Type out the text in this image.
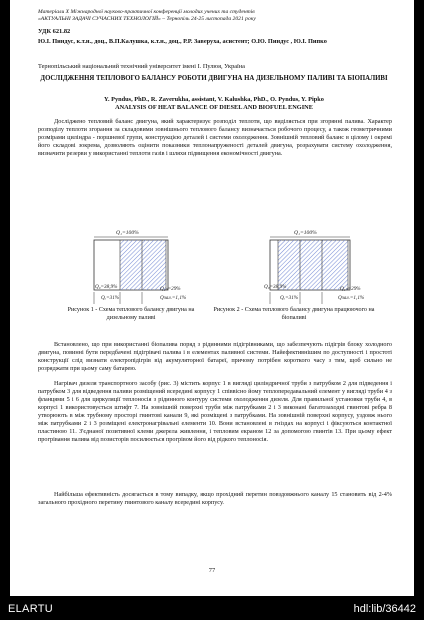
Матеріали X Міжнародної науково-практичної конференції молодих учених та студентів
«АКТУАЛЬНІ ЗАДАЧІ СУЧАСНИХ ТЕХНОЛОГІЙ» – Тернопіль 24-25 листопада 2021 року
УДК 621.82
Ю.І. Пиндус, к.т.н., доц., В.П.Калушка, к.т.н., доц., Р.Р. Заверуха, асистент; О.Ю. Пиндус , Ю.І. Пипко
Тернопільський національний технічний університет імені І. Пулюя, Україна
ДОСЛІДЖЕННЯ ТЕПЛОВОГО БАЛАНСУ РОБОТИ ДВИГУНА НА ДИЗЕЛЬНОМУ ПАЛИВІ ТА БІОПАЛИВІ
Y. Pyndus, PhD., R. Zaverukha, assistant, V. Kalushka, PhD., O. Pyndus, Y. Pipko
ANALYSIS OF HEAT BALANCE OF DIESEL AND BIOFUEL ENGINE

Досліджено тепловий баланс двигуна, який характеризує розподіл теплоти, що виділяється при згорянні палива. Характер розподілу теплоти згорання за складовими зовнішнього теплового балансу визначається робочого процесу, а також геометричними розмірами циліндра - поршневої групи, конструкцією деталей і системи охолодження. Зовнішній тепловий баланс в цілому і окремі його складові зокрема, дозволяють оцінити показники теплонапруженості деталей двигуна, розрахувати систему охолодження, визначити резерви у використанні теплоти газів і шляхи підвищення економічності двигуна.

Q₁=100%
Q₀=38,9%
Qₑ=31%
Q₁ₙ=29%
Qзал.=1,1%
Q₁=100%
Q₀=38,9%
Qₑ=31%
Q₁ₙ=29%
Qзал.=1,1%
Рисунок 1 - Схема теплового балансу двигуна на дизельному паливі
Рисунок 2 - Схема теплового балансу двигуна працюючого на біопаливі

Встановлено, що при використанні біопалива поряд з рідинними підігрівниками, що забезпечують підігрів блоку холодного двигуна, повинні бути передбачені підігрівачі палива і в елементах паливної системи. Найефективнішим по доступності і простоті конструкції слід визнати електропідігрів від акумуляторної батареї, причому потрібен короткого часу з тим, щоб сильно не розряджати при цьому саму батарею.

Нагрівач дизеля транспортного засобу (рис. 3) містить корпус 1 в вигляді циліндричної труби з патрубком 2 для підведення і патрубком 3 для відведення паливи розміщений всередині корпусу 1 співвісно йому теплопередавальний елемент у вигляді труби 4 з фланцями 5 і 6 для циркуляції теплоносія з рідинного контуру системи охолодження дизеля. Для правильної установки труби 4, в корпусі 1 використовується штифт 7. На зовнішній поверхні труби між патрубками 2 і 3 виконані багатозаходні гвинтові ребра 8 утворюють в між трубному просторі гвинтові канали 9, які розміщені з патрубками. На зовнішній поверхні корпусу, уздовж нього між патрубками 2 і 3 розміщені електронагрівальні елементи 10. Вони встановлені в гніздах на корпусі і фіксуються контактної пластиною 11. З'єднаної позитивної клеми джерела живлення, і тепловим екраном 12 за допомогою гвинтів 13. При цьому ефект прогрівання палива від позисторів посилюється прогрівом його від рідкого теплоносія.

Найбільша ефективність досягається в тому випадку, якщо прохідний перетин повздовжнього каналу 15 становить від 2-4% загального прохідного перетину гвинтового каналу всередині корпусу.

77
ELARTU	hdl:lib/36442
